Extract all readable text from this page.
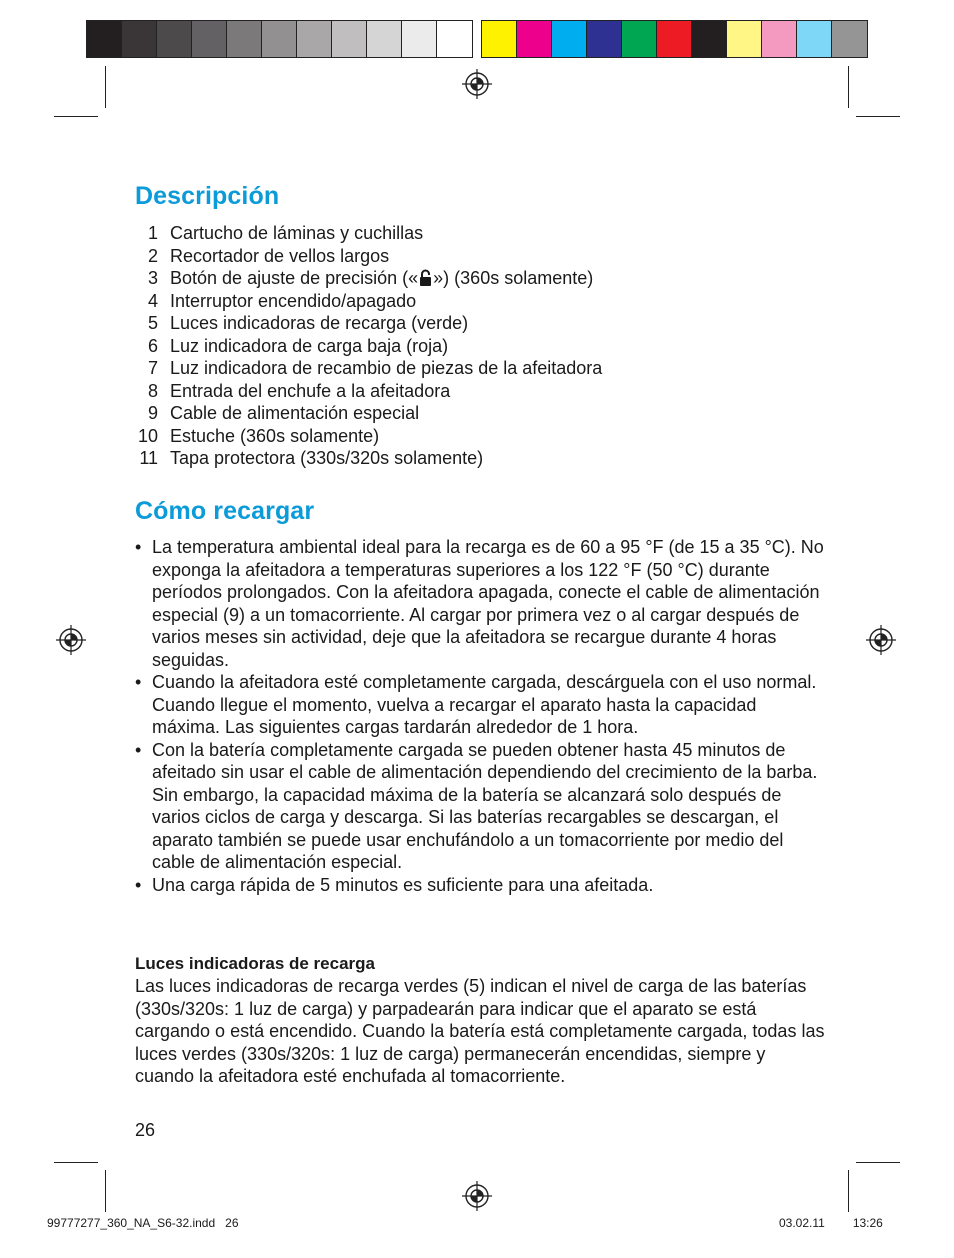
Descripción
1 Cartucho de láminas y cuchillas
2 Recortador de vellos largos
3 Botón de ajuste de precisión (« ») (360s solamente)
4 Interruptor encendido/apagado
5 Luces indicadoras de recarga (verde)
6 Luz indicadora de carga baja (roja)
7 Luz indicadora de recambio de piezas de la afeitadora
8 Entrada del enchufe a la afeitadora
9 Cable de alimentación especial
10 Estuche (360s solamente)
11 Tapa protectora (330s/320s solamente)
Cómo recargar
• La temperatura ambiental ideal para la recarga es de 60 a 95 °F (de 15 a 35 °C). No exponga la afeitadora a temperaturas superiores a los 122 °F (50 °C) durante períodos prolongados. Con la afeitadora apagada, conecte el cable de alimentación especial (9) a un tomacorriente. Al cargar por primera vez o al cargar después de varios meses sin actividad, deje que la afeitadora se recargue durante 4 horas seguidas.
• Cuando la afeitadora esté completamente cargada, descárguela con el uso normal. Cuando llegue el momento, vuelva a recargar el aparato hasta la capacidad máxima. Las siguientes cargas tardarán alrededor de 1 hora.
• Con la batería completamente cargada se pueden obtener hasta 45 minutos de afeitado sin usar el cable de alimentación dependiendo del crecimiento de la barba. Sin embargo, la capacidad máxima de la batería se alcanzará solo después de varios ciclos de carga y descarga. Si las baterías recargables se descargan, el aparato también se puede usar enchufándolo a un tomacorriente por medio del cable de alimentación especial.
• Una carga rápida de 5 minutos es suficiente para una afeitada.
Luces indicadoras de recarga

Las luces indicadoras de recarga verdes (5) indican el nivel de carga de las baterías (330s/320s: 1 luz de carga) y parpadearán para indicar que el aparato se está cargando o está encendido. Cuando la batería está completamente cargada, todas las luces verdes (330s/320s: 1 luz de carga) permanecerán encendidas, siempre y cuando la afeitadora esté enchufada al tomacorriente.

26
99777277_360_NA_S6-32.indd   26	03.02.11   13:26
